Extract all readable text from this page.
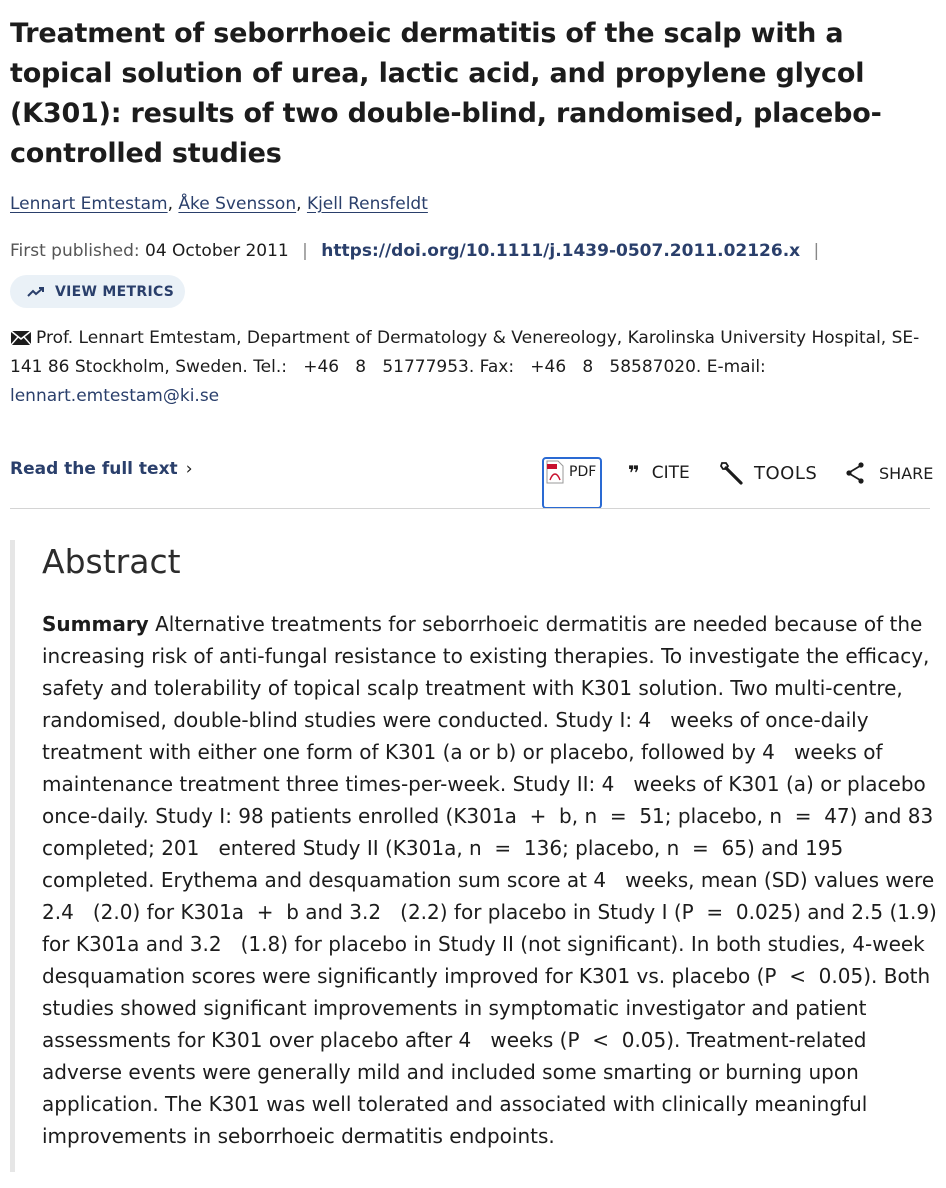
Treatment of seborrhoeic dermatitis of the scalp with a topical solution of urea, lactic acid, and propylene glycol (K301): results of two double-blind, randomised, placebo-controlled studies
Lennart Emtestam, Åke Svensson, Kjell Rensfeldt
First published: 04 October 2011 | https://doi.org/10.1111/j.1439-0507.2011.02126.x |
VIEW METRICS
Prof. Lennart Emtestam, Department of Dermatology & Venereology, Karolinska University Hospital, SE-141 86 Stockholm, Sweden. Tel.:   +46   8   51777953. Fax:   +46   8   58587020. E-mail:
lennart.emtestam@ki.se
Read the full text ›	PDF ❞ CITE	TOOLS	SHARE
Abstract

Summary Alternative treatments for seborrhoeic dermatitis are needed because of the increasing risk of anti-fungal resistance to existing therapies. To investigate the efficacy, safety and tolerability of topical scalp treatment with K301 solution. Two multi-centre, randomised, double-blind studies were conducted. Study I: 4   weeks of once-daily treatment with either one form of K301 (a or b) or placebo, followed by 4   weeks of maintenance treatment three times-per-week. Study II: 4   weeks of K301 (a) or placebo once-daily. Study I: 98 patients enrolled (K301a  +  b, n  =  51; placebo, n  =  47) and 83 completed; 201   entered Study II (K301a, n  =  136; placebo, n  =  65) and 195 completed. Erythema and desquamation sum score at 4   weeks, mean (SD) values were 2.4   (2.0) for K301a  +  b and 3.2   (2.2) for placebo in Study I (P  =  0.025) and 2.5 (1.9) for K301a and 3.2   (1.8) for placebo in Study II (not significant). In both studies, 4-week desquamation scores were significantly improved for K301 vs. placebo (P  <  0.05). Both studies showed significant improvements in symptomatic investigator and patient assessments for K301 over placebo after 4   weeks (P  <  0.05). Treatment-related adverse events were generally mild and included some smarting or burning upon application. The K301 was well tolerated and associated with clinically meaningful improvements in seborrhoeic dermatitis endpoints.
